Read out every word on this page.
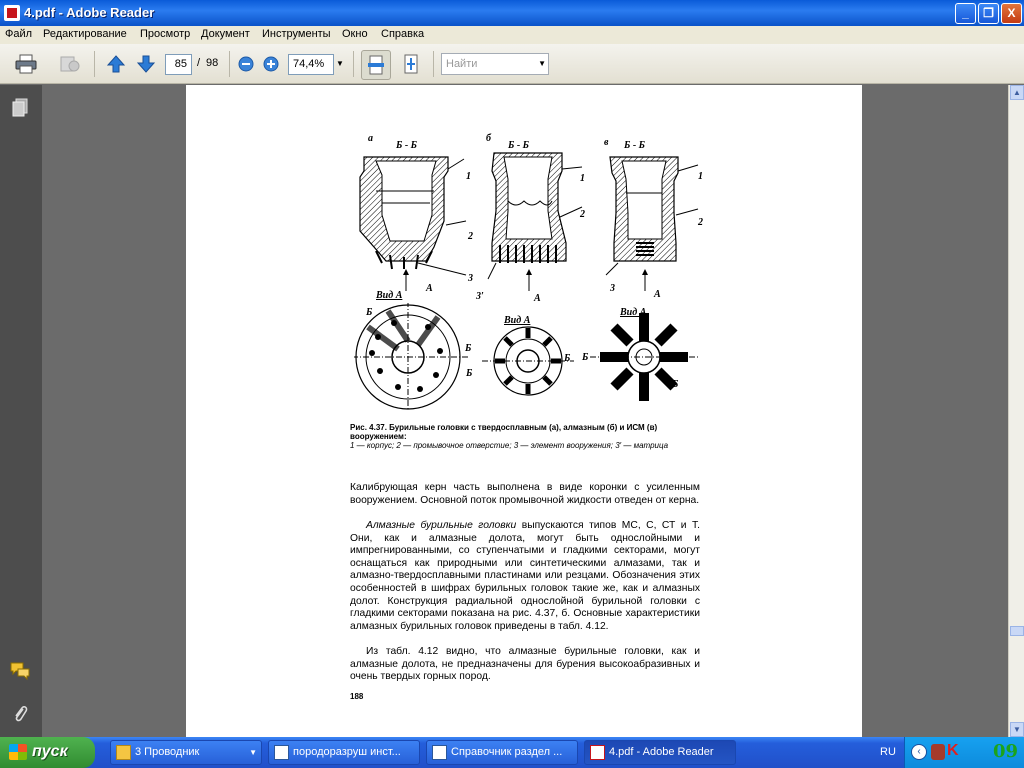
4.pdf - Adobe Reader	_	❐	X
Файл Редактирование Просмотр Документ Инструменты Окно Справка
85 / 98	74,4%	▼	Найти	▼
а
Б - Б
б
Б - Б	в Б - Б
1
2
3
А
1
2
3′	А
1
2
3
А
Вид А
Вид А
Вид А
Б
Б
Б
Б Б
Б
Рис. 4.37. Бурильные головки с твердосплавным (а), алмазным (б) и ИСМ (в) вооружением:
1 — корпус; 2 — промывочное отверстие; 3 — элемент вооружения; 3′ — матрица
Калибрующая керн часть выполнена в виде коронки с усиленным вооружением. Основной поток промывочной жидкости отведен от керна.
Алмазные бурильные головки выпускаются типов МС, С, СТ и Т. Они, как и алмазные долота, могут быть однослойными и импрегнированными, со ступенчатыми и гладкими секторами, могут оснащаться как природными или синтетическими алмазами, так и алмазно-твердосплавными пластинами или резцами. Обозначения этих особенностей в шифрах бурильных головок такие же, как и алмазных долот. Конструкция радиальной однослойной бурильной головки с гладкими секторами показана на рис. 4.37, б. Основные характеристики алмазных бурильных головок приведены в табл. 4.12.
Из табл. 4.12 видно, что алмазные бурильные головки, как и алмазные долота, не предназначены для бурения высокоабразивных и очень твердых горных пород.
188
▲
▼
пуск	3 Проводник	▼	породоразруш инст...	Справочник раздел ...	4.pdf - Adobe Reader	RU	‹	K 09
